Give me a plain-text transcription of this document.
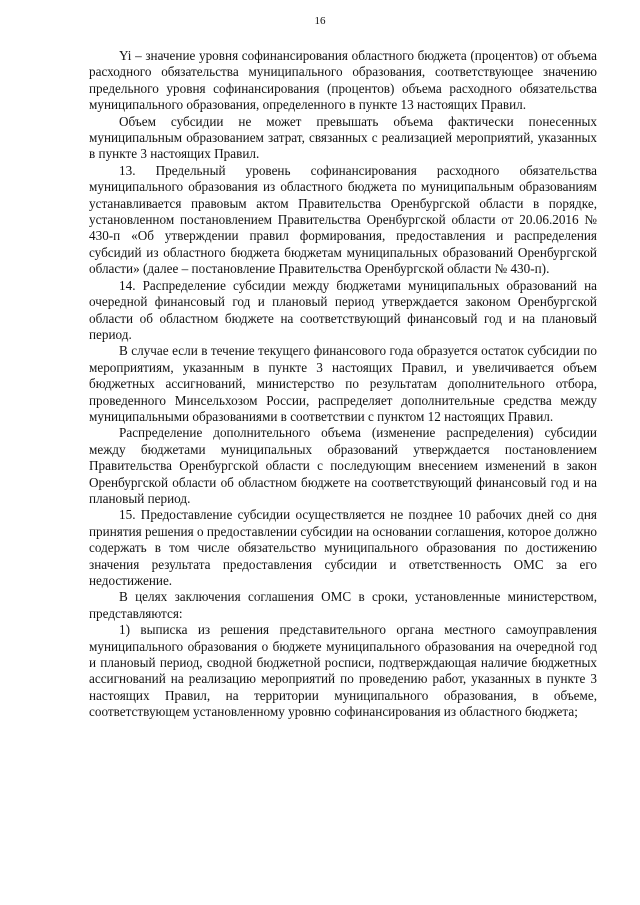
16

Yi – значение уровня софинансирования областного бюджета (процентов) от объема расходного обязательства муниципального образования, соответствующее значению предельного уровня софинансирования (процентов) объема расходного обязательства муниципального образования, определенного в пункте 13 настоящих Правил.

Объем субсидии не может превышать объема фактически понесенных муниципальным образованием затрат, связанных с реализацией мероприятий, указанных в пункте 3 настоящих Правил.

13. Предельный уровень софинансирования расходного обязательства муниципального образования из областного бюджета по муниципальным образованиям устанавливается правовым актом Правительства Оренбургской области в порядке, установленном постановлением Правительства Оренбургской области от 20.06.2016 № 430-п «Об утверждении правил формирования, предоставления и распределения субсидий из областного бюджета бюджетам муниципальных образований Оренбургской области» (далее – постановление Правительства Оренбургской области № 430-п).

14. Распределение субсидии между бюджетами муниципальных образований на очередной финансовый год и плановый период утверждается законом Оренбургской области об областном бюджете на соответствующий финансовый год и на плановый период.

В случае если в течение текущего финансового года образуется остаток субсидии по мероприятиям, указанным в пункте 3 настоящих Правил, и увеличивается объем бюджетных ассигнований, министерство по результатам дополнительного отбора, проведенного Минсельхозом России, распределяет дополнительные средства между муниципальными образованиями в соответствии с пунктом 12 настоящих Правил.

Распределение дополнительного объема (изменение распределения) субсидии между бюджетами муниципальных образований утверждается постановлением Правительства Оренбургской области с последующим внесением изменений в закон Оренбургской области об областном бюджете на соответствующий финансовый год и на плановый период.

15. Предоставление субсидии осуществляется не позднее 10 рабочих дней со дня принятия решения о предоставлении субсидии на основании соглашения, которое должно содержать в том числе обязательство муниципального образования по достижению значения результата предоставления субсидии и ответственность ОМС за его недостижение.

В целях заключения соглашения ОМС в сроки, установленные министерством, представляются:

1) выписка из решения представительного органа местного самоуправления муниципального образования о бюджете муниципального образования на очередной год и плановый период, сводной бюджетной росписи, подтверждающая наличие бюджетных ассигнований на реализацию мероприятий по проведению работ, указанных в пункте 3 настоящих Правил, на территории муниципального образования, в объеме, соответствующем установленному уровню софинансирования из областного бюджета;
